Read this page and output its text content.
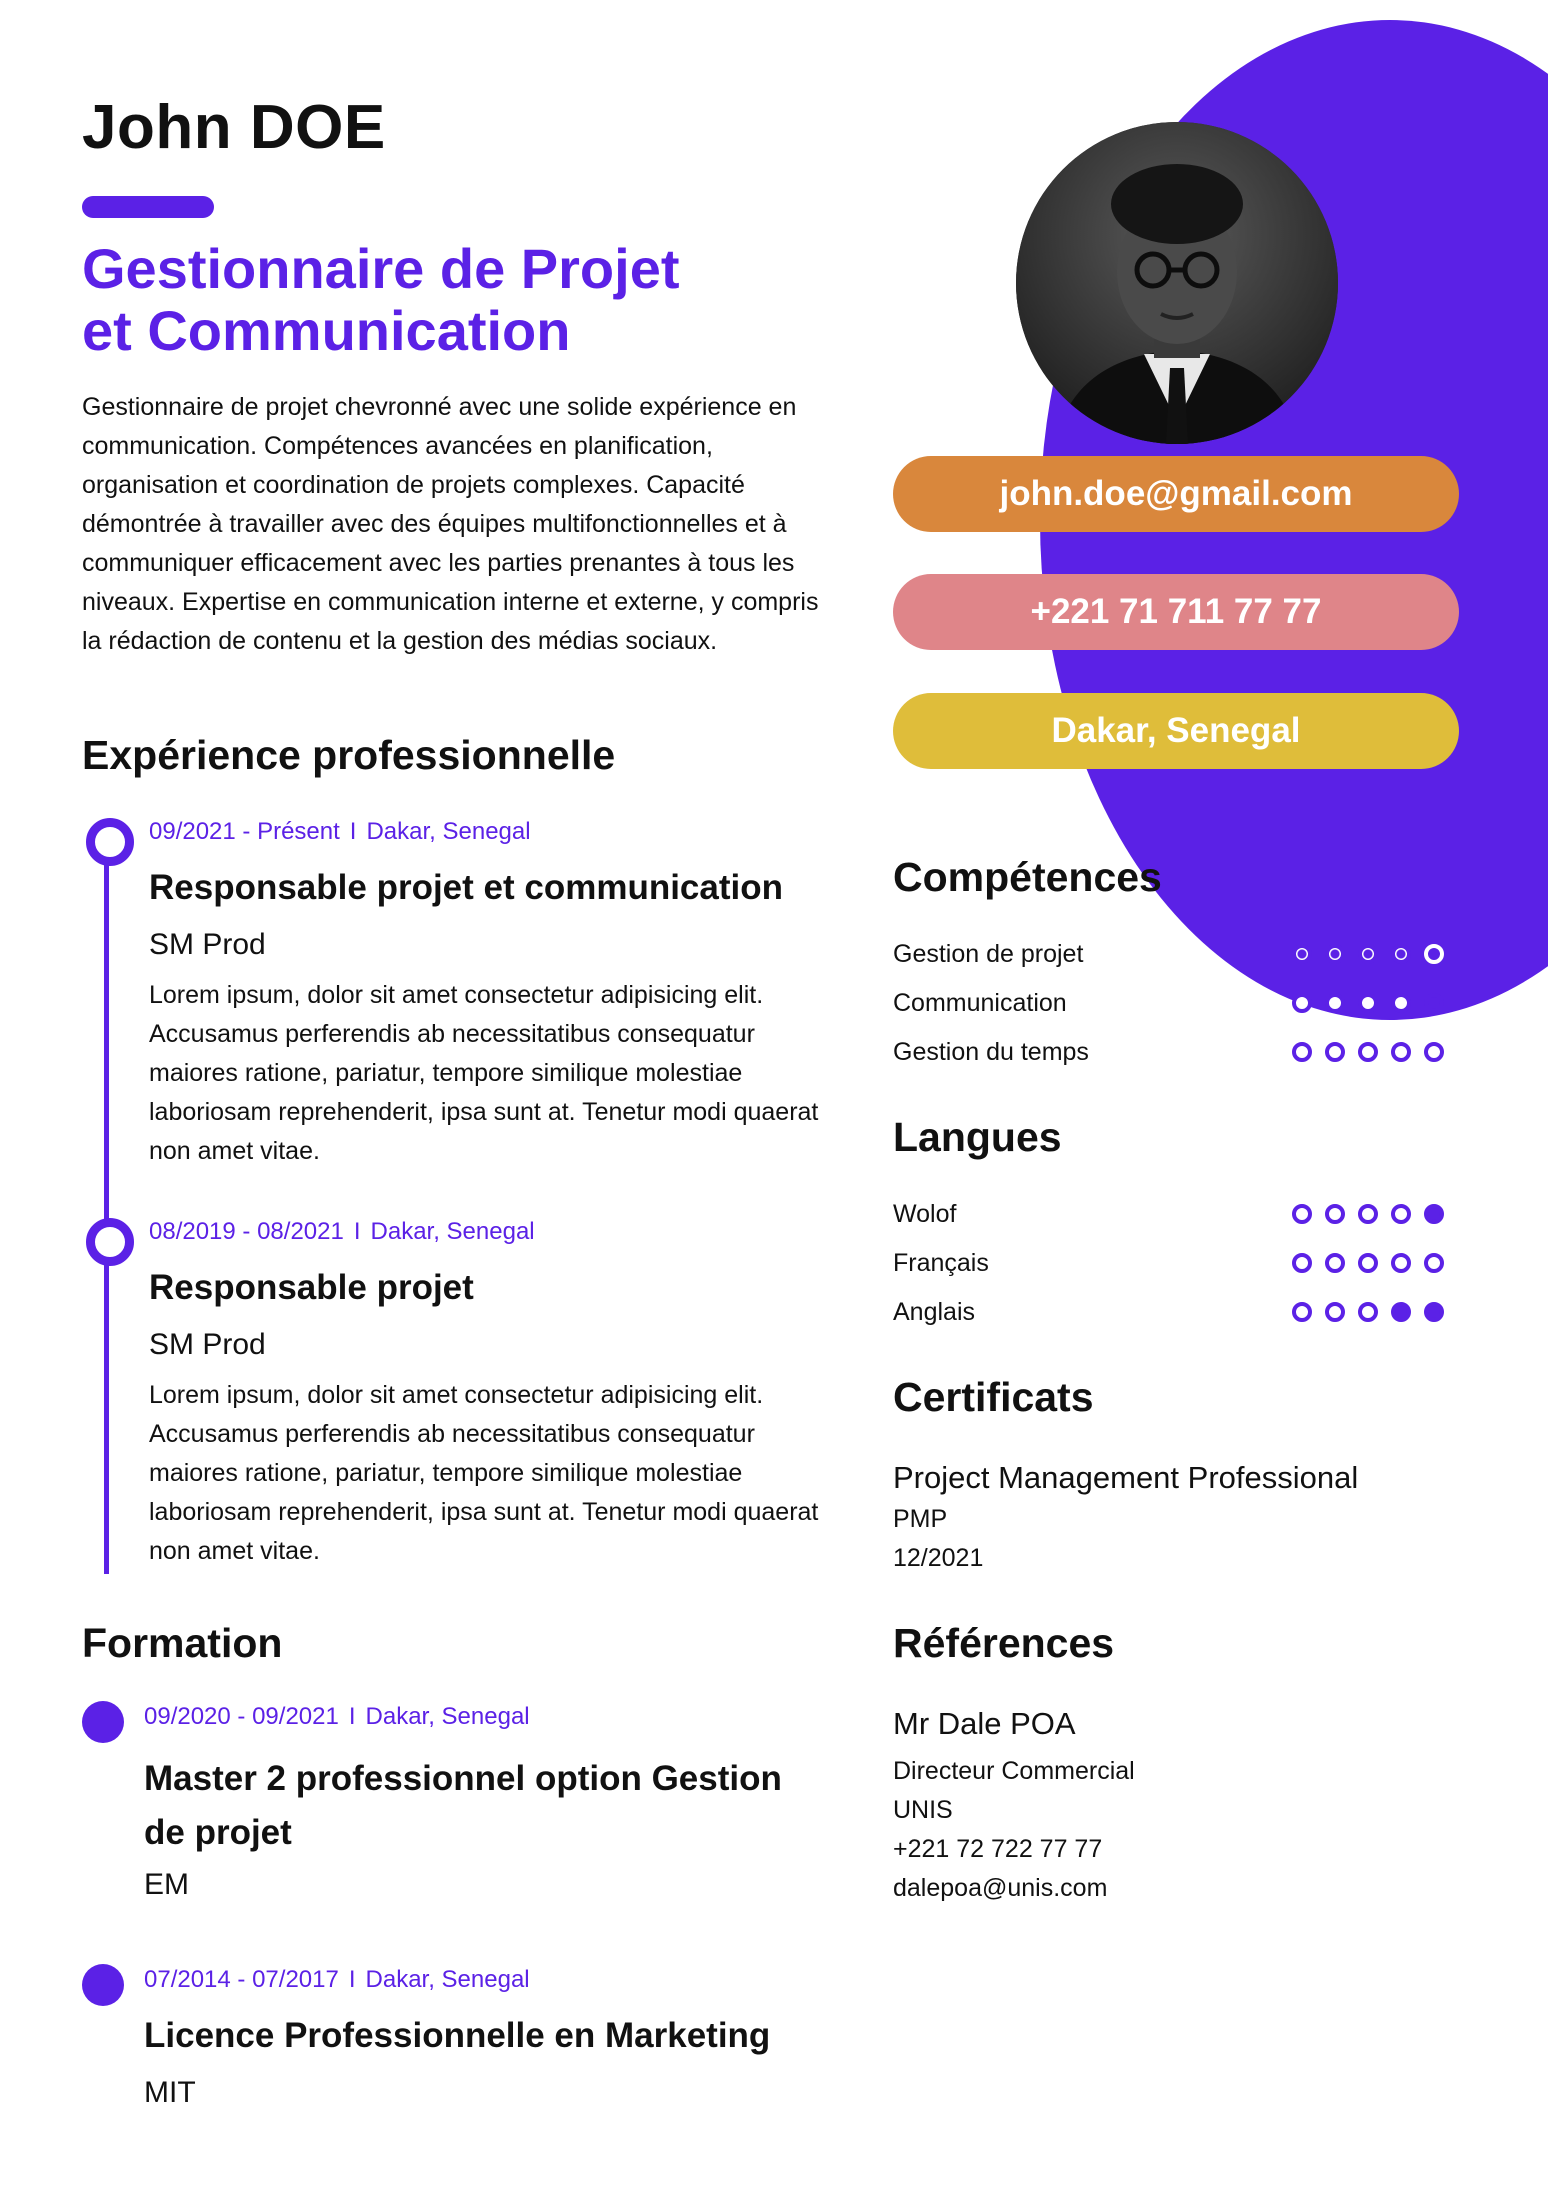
John DOE
Gestionnaire de Projet
et Communication

Gestionnaire de projet chevronné avec une solide expérience en communication. Compétences avancées en planification, organisation et coordination de projets complexes. Capacité démontrée à travailler avec des équipes multifonctionnelles et à communiquer efficacement avec les parties prenantes à tous les niveaux. Expertise en communication interne et externe, y compris la rédaction de contenu et la gestion des médias sociaux.

Expérience professionnelle
09/2021 - Présent I Dakar, Senegal
Responsable projet et communication
SM Prod
Lorem ipsum, dolor sit amet consectetur adipisicing elit. Accusamus perferendis ab necessitatibus consequatur maiores ratione, pariatur, tempore similique molestiae laboriosam reprehenderit, ipsa sunt at. Tenetur modi quaerat non amet vitae.
08/2019 - 08/2021 I Dakar, Senegal
Responsable projet
SM Prod
Lorem ipsum, dolor sit amet consectetur adipisicing elit. Accusamus perferendis ab necessitatibus consequatur maiores ratione, pariatur, tempore similique molestiae laboriosam reprehenderit, ipsa sunt at. Tenetur modi quaerat non amet vitae.
Formation
09/2020 - 09/2021 I Dakar, Senegal
Master 2 professionnel option Gestion
de projet
EM
07/2014 - 07/2017 I Dakar, Senegal
Licence Professionnelle en Marketing
MIT
john.doe@gmail.com
+221 71 711 77 77
Dakar, Senegal
Compétences
Gestion de projet
Communication
Gestion du temps
Langues
Wolof
Français
Anglais
Certificats
Project Management Professional
PMP
12/2021
Références
Mr Dale POA
Directeur Commercial
UNIS
+221 72 722 77 77
dalepoa@unis.com
